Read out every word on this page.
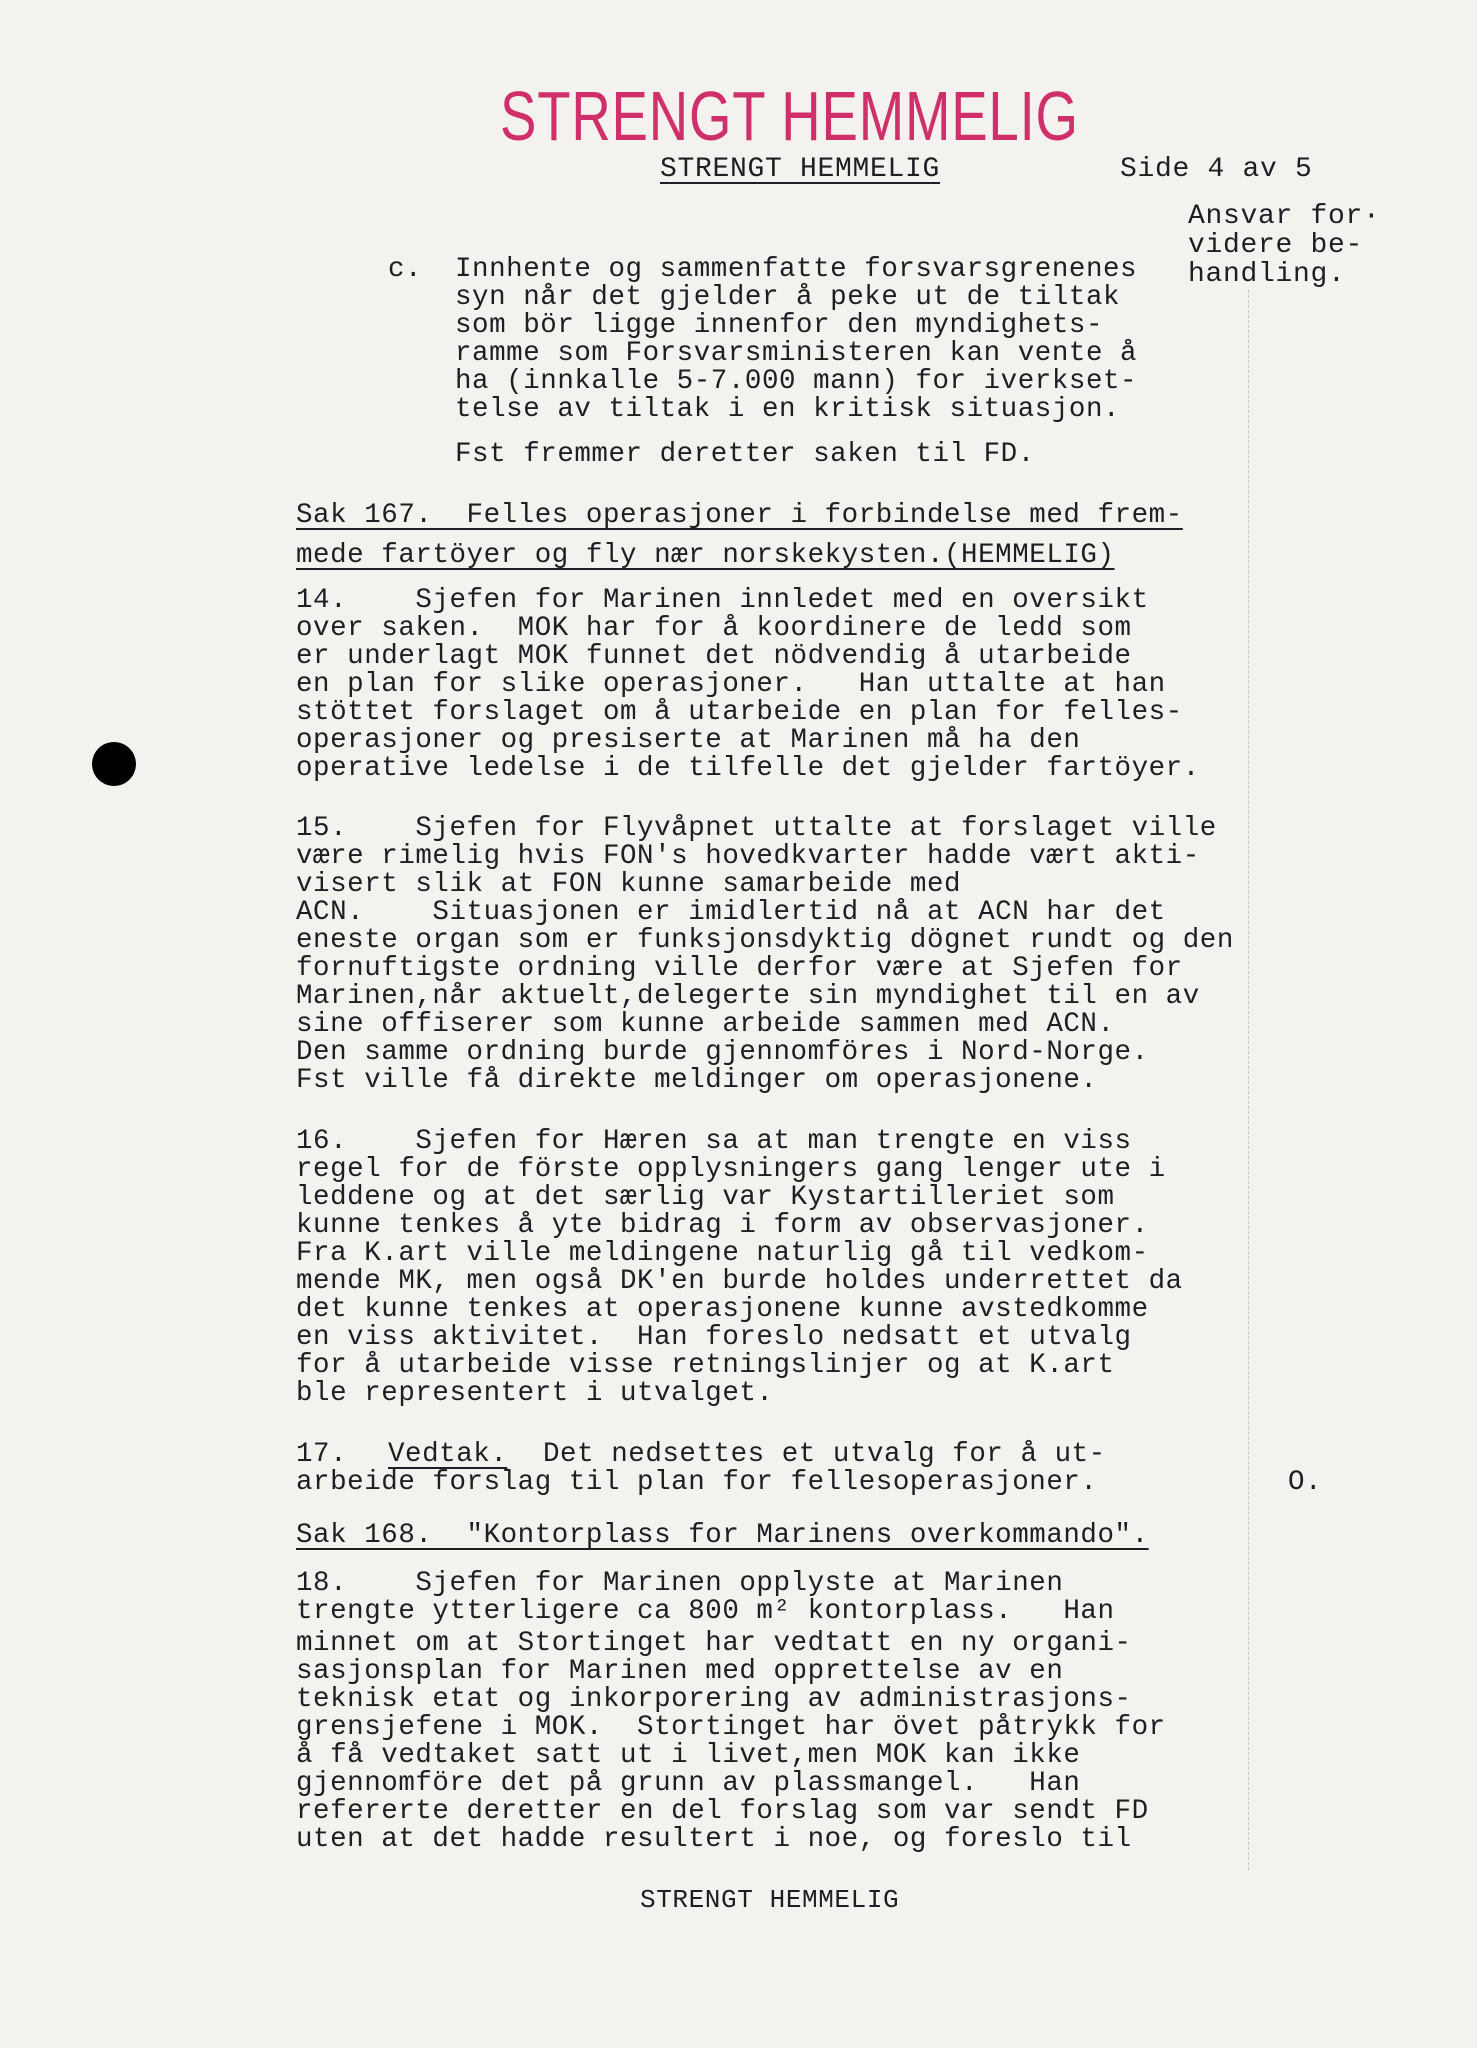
STRENGT HEMMELIG
STRENGT HEMMELIG	Side 4 av 5
Ansvar for·
videre be-
handling.
c. Innhente og sammenfatte forsvarsgrenenes
syn når det gjelder å peke ut de tiltak
som bör ligge innenfor den myndighets-
ramme som Forsvarsministeren kan vente å
ha (innkalle 5-7.000 mann) for iverkset-
telse av tiltak i en kritisk situasjon.
Fst fremmer deretter saken til FD.
Sak 167.  Felles operasjoner i forbindelse med frem-
mede fartöyer og fly nær norskekysten.(HEMMELIG)
14.    Sjefen for Marinen innledet med en oversikt
over saken.  MOK har for å koordinere de ledd som
er underlagt MOK funnet det nödvendig å utarbeide
en plan for slike operasjoner.   Han uttalte at han
stöttet forslaget om å utarbeide en plan for felles-
operasjoner og presiserte at Marinen må ha den
operative ledelse i de tilfelle det gjelder fartöyer.
15.    Sjefen for Flyvåpnet uttalte at forslaget ville
være rimelig hvis FON's hovedkvarter hadde vært akti-
visert slik at FON kunne samarbeide med
ACN.    Situasjonen er imidlertid nå at ACN har det
eneste organ som er funksjonsdyktig dögnet rundt og den
fornuftigste ordning ville derfor være at Sjefen for
Marinen,når aktuelt,delegerte sin myndighet til en av
sine offiserer som kunne arbeide sammen med ACN.
Den samme ordning burde gjennomföres i Nord-Norge.
Fst ville få direkte meldinger om operasjonene.
16.    Sjefen for Hæren sa at man trengte en viss
regel for de förste opplysningers gang lenger ute i
leddene og at det særlig var Kystartilleriet som
kunne tenkes å yte bidrag i form av observasjoner.
Fra K.art ville meldingene naturlig gå til vedkom-
mende MK, men også DK'en burde holdes underrettet da
det kunne tenkes at operasjonene kunne avstedkomme
en viss aktivitet.  Han foreslo nedsatt et utvalg
for å utarbeide visse retningslinjer og at K.art
ble representert i utvalget.
17. Vedtak. Det nedsettes et utvalg for å ut-
arbeide forslag til plan for fellesoperasjoner.	O.
Sak 168.  "Kontorplass for Marinens overkommando".
18.    Sjefen for Marinen opplyste at Marinen
trengte ytterligere ca 800 m² kontorplass.   Han
minnet om at Stortinget har vedtatt en ny organi-
sasjonsplan for Marinen med opprettelse av en
teknisk etat og inkorporering av administrasjons-
grensjefene i MOK.  Stortinget har övet påtrykk for
å få vedtaket satt ut i livet,men MOK kan ikke
gjennomföre det på grunn av plassmangel.   Han
refererte deretter en del forslag som var sendt FD
uten at det hadde resultert i noe, og foreslo til
STRENGT HEMMELIG
